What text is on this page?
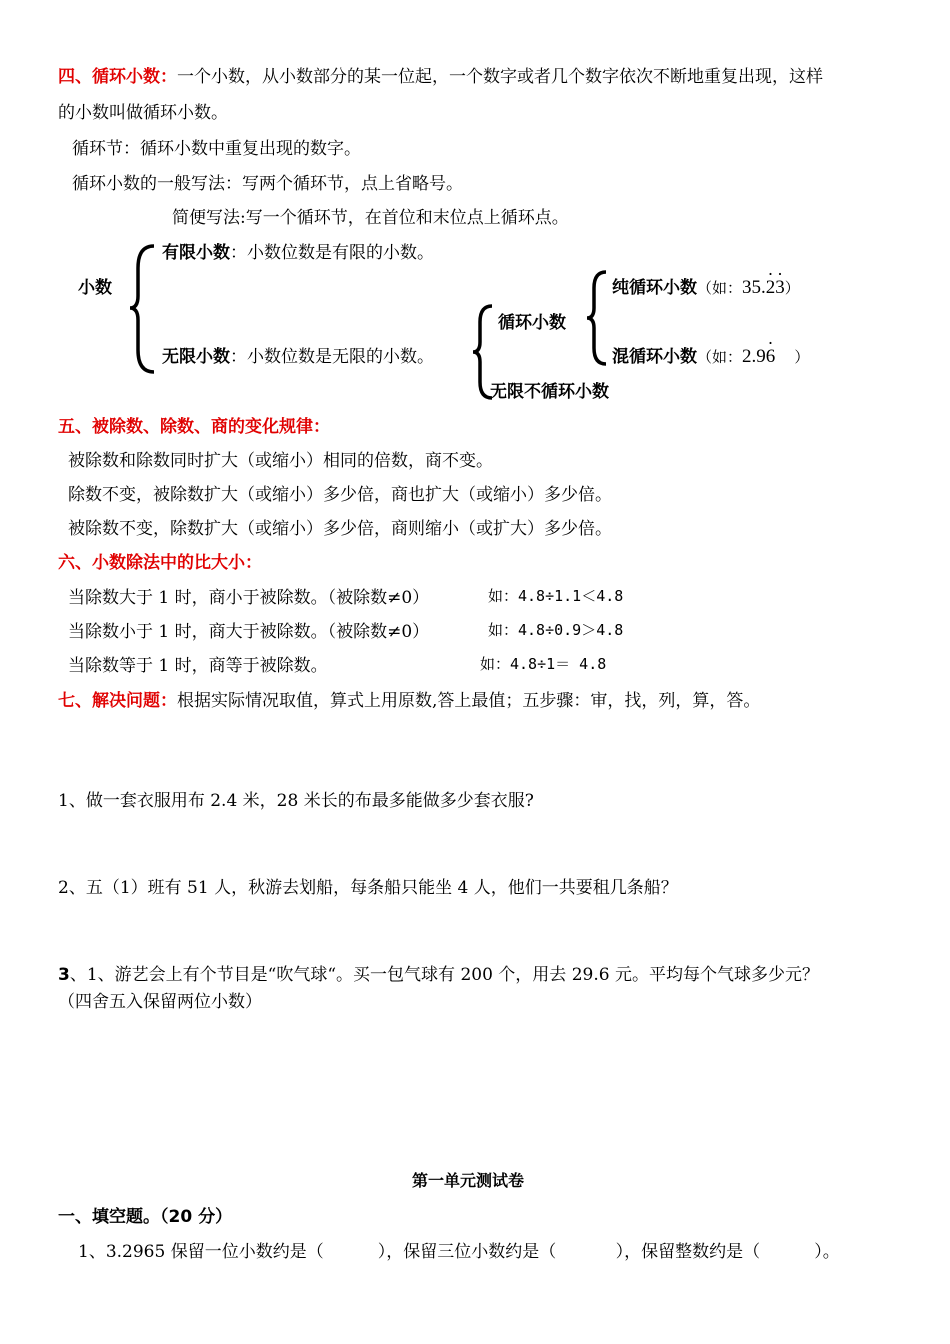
四、循环小数：一个小数，从小数部分的某一位起，一个数字或者几个数字依次不断地重复出现，这样
的小数叫做循环小数。
循环节：循环小数中重复出现的数字。
循环小数的一般写法：写两个循环节，点上省略号。
简便写法:写一个循环节，在首位和末位点上循环点。
小数
有限小数：小数位数是有限的小数。
无限小数：小数位数是无限的小数。
循环小数
无限不循环小数
纯循环小数（如：35.· 2· 3）
混循环小数（如：2.9· 6    ）
五、被除数、除数、商的变化规律：
被除数和除数同时扩大（或缩小）相同的倍数，商不变。
除数不变，被除数扩大（或缩小）多少倍，商也扩大（或缩小）多少倍。
被除数不变，除数扩大（或缩小）多少倍，商则缩小（或扩大）多少倍。
六、小数除法中的比大小：
当除数大于 1 时，商小于被除数。（被除数≠0）	如：4.8÷1.1＜4.8
当除数小于 1 时，商大于被除数。（被除数≠0）	如：4.8÷0.9＞4.8
当除数等于 1 时，商等于被除数。	如：4.8÷1＝ 4.8
七、解决问题：根据实际情况取值，算式上用原数,答上最值；五步骤：审，找，列，算，答。
1、做一套衣服用布 2.4 米，28 米长的布最多能做多少套衣服?
2、五（1）班有 51 人，秋游去划船，每条船只能坐 4 人，他们一共要租几条船？
3、1、游艺会上有个节目是“吹气球“。买一包气球有 200 个，用去 29.6 元。平均每个气球多少元？
（四舍五入保留两位小数）
第一单元测试卷
一、填空题。（20 分）
1、3.2965 保留一位小数约是（          ），保留三位小数约是（           ），保留整数约是（          ）。
